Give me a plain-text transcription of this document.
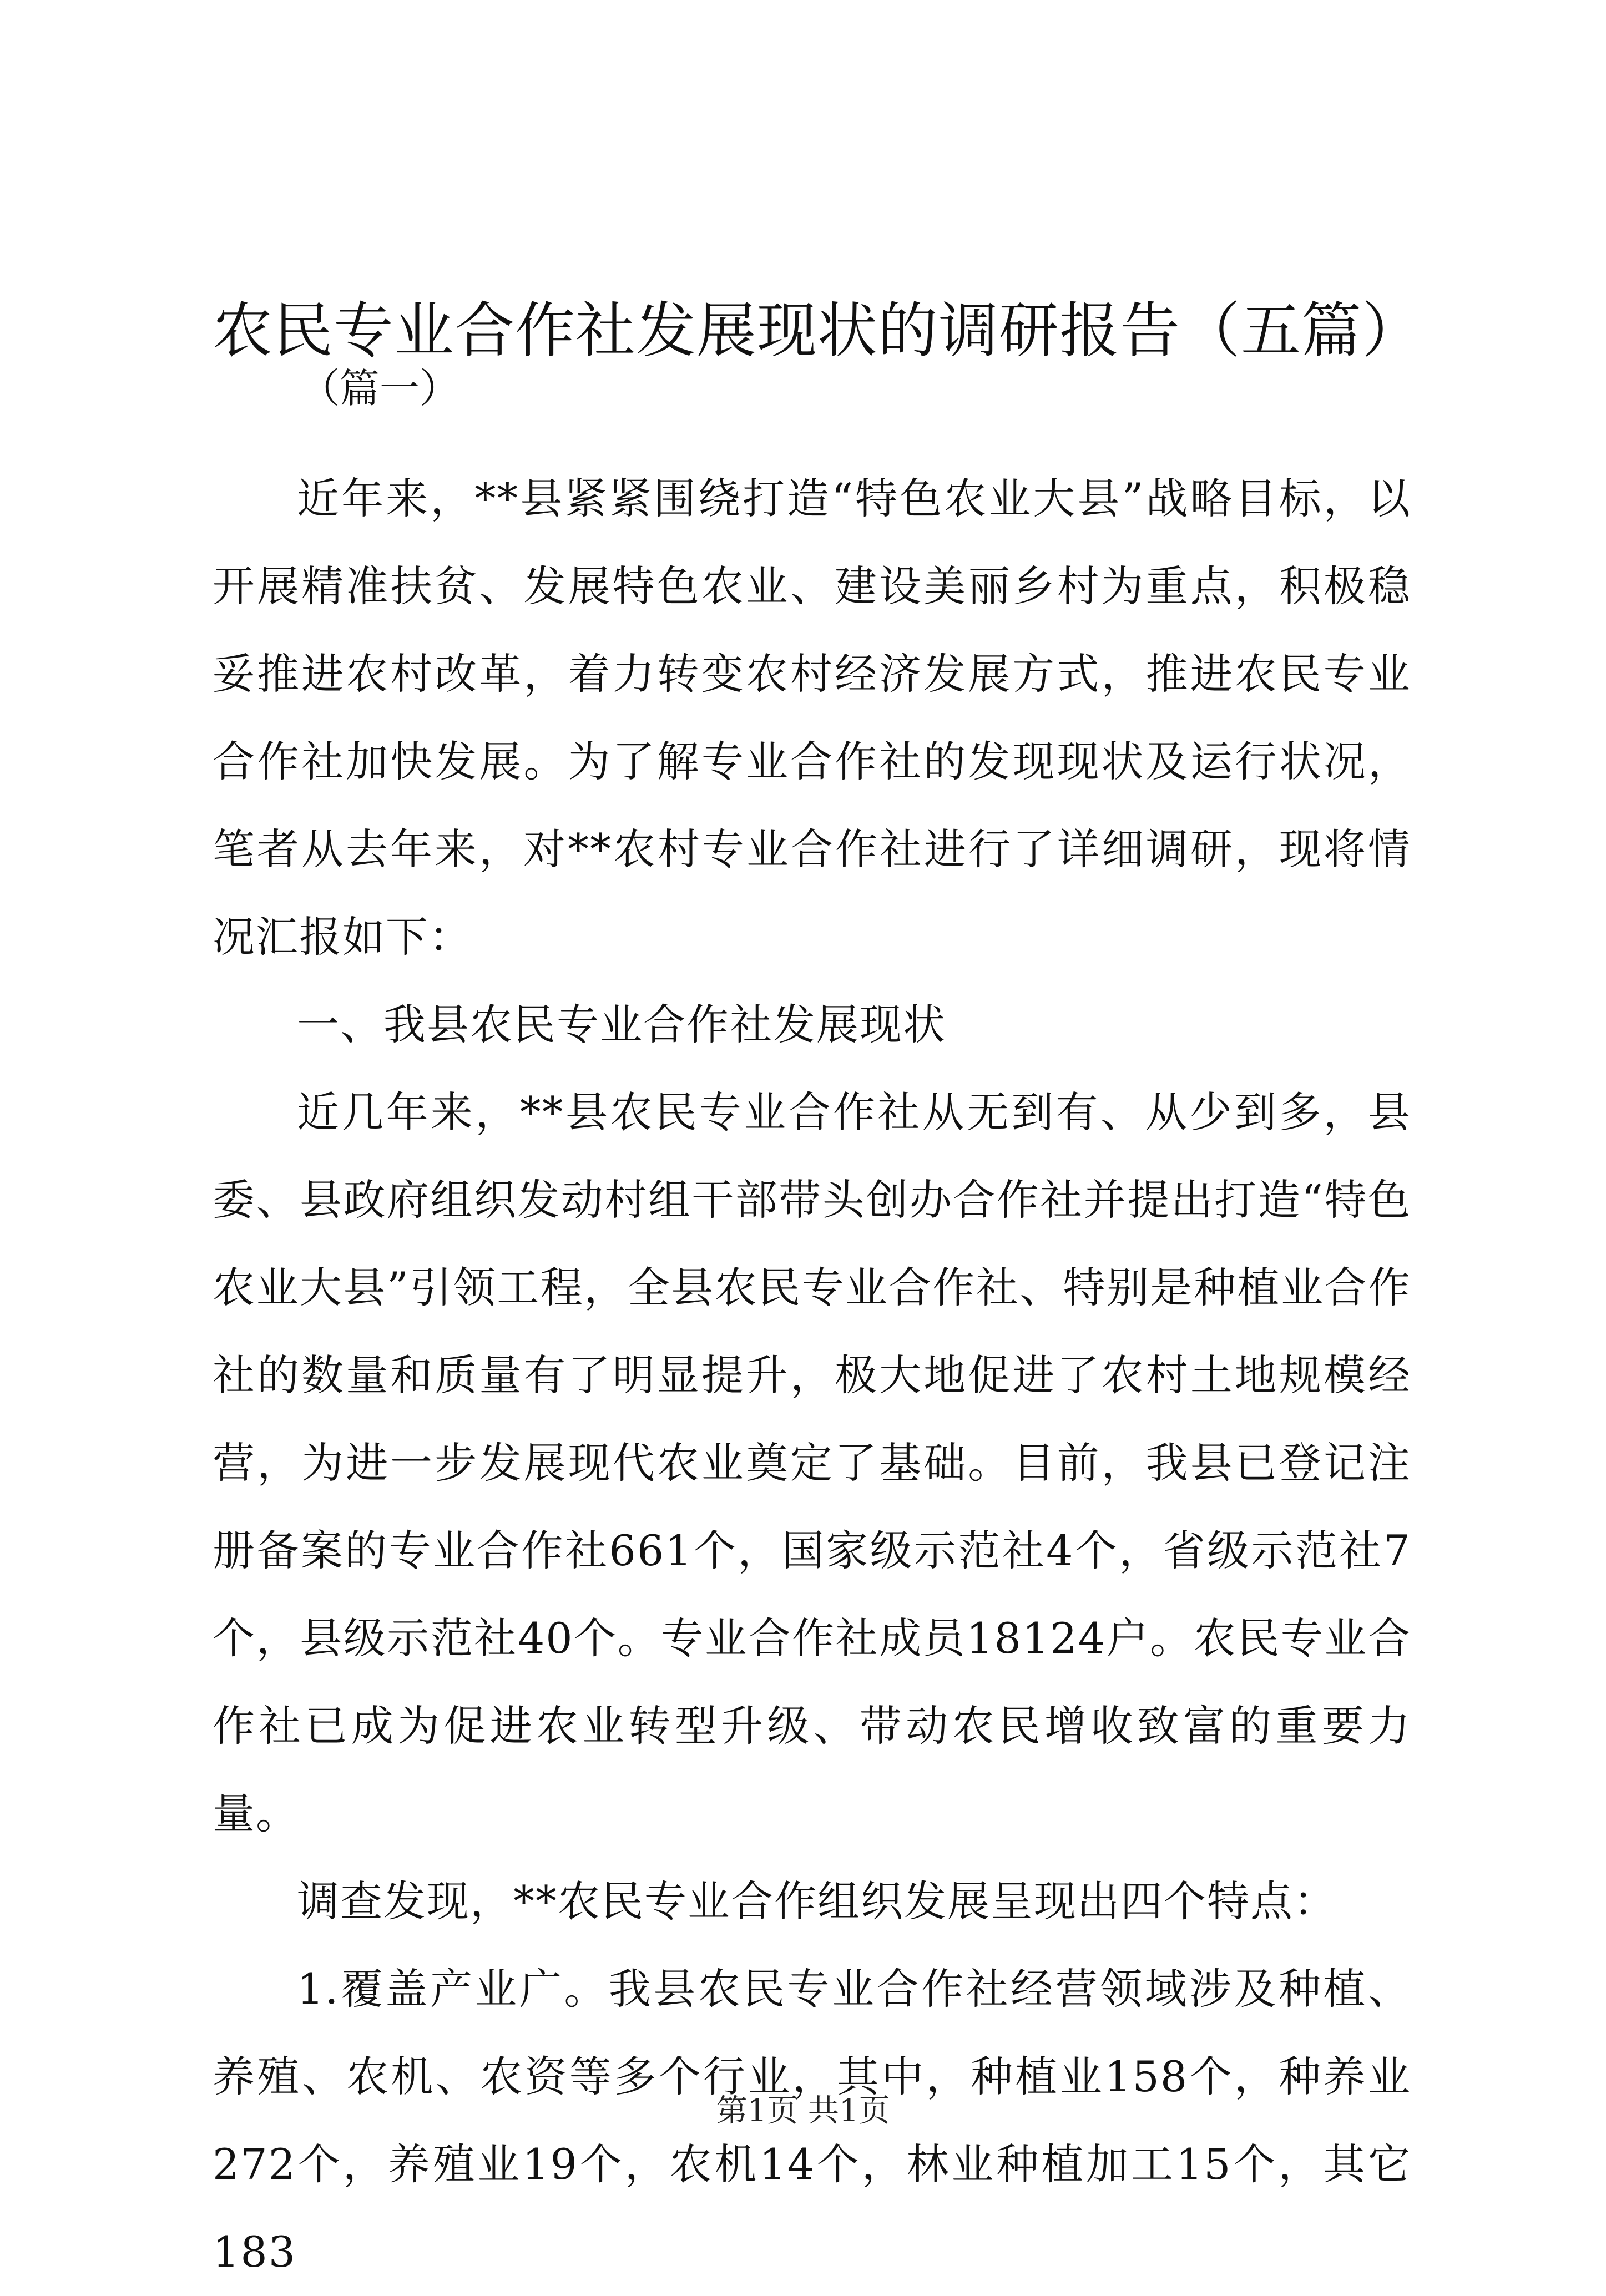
农民专业合作社发展现状的调研报告（五篇）

（篇一）

近年来，**县紧紧围绕打造“特色农业大县”战略目标，以开展精准扶贫、发展特色农业、建设美丽乡村为重点，积极稳妥推进农村改革，着力转变农村经济发展方式，推进农民专业合作社加快发展。为了解专业合作社的发现现状及运行状况，笔者从去年来，对**农村专业合作社进行了详细调研，现将情况汇报如下：

一、我县农民专业合作社发展现状

近几年来，**县农民专业合作社从无到有、从少到多，县委、县政府组织发动村组干部带头创办合作社并提出打造“特色农业大县”引领工程，全县农民专业合作社、特别是种植业合作社的数量和质量有了明显提升，极大地促进了农村土地规模经营，为进一步发展现代农业奠定了基础。目前，我县已登记注册备案的专业合作社661个，国家级示范社4个，省级示范社7个，县级示范社40个。专业合作社成员18124户。农民专业合作社已成为促进农业转型升级、带动农民增收致富的重要力量。

调查发现，**农民专业合作组织发展呈现出四个特点：

1.覆盖产业广。我县农民专业合作社经营领域涉及种植、养殖、农机、农资等多个行业，其中，种植业158个，种养业272个，养殖业19个，农机14个，林业种植加工15个，其它183

第1页 共1页
